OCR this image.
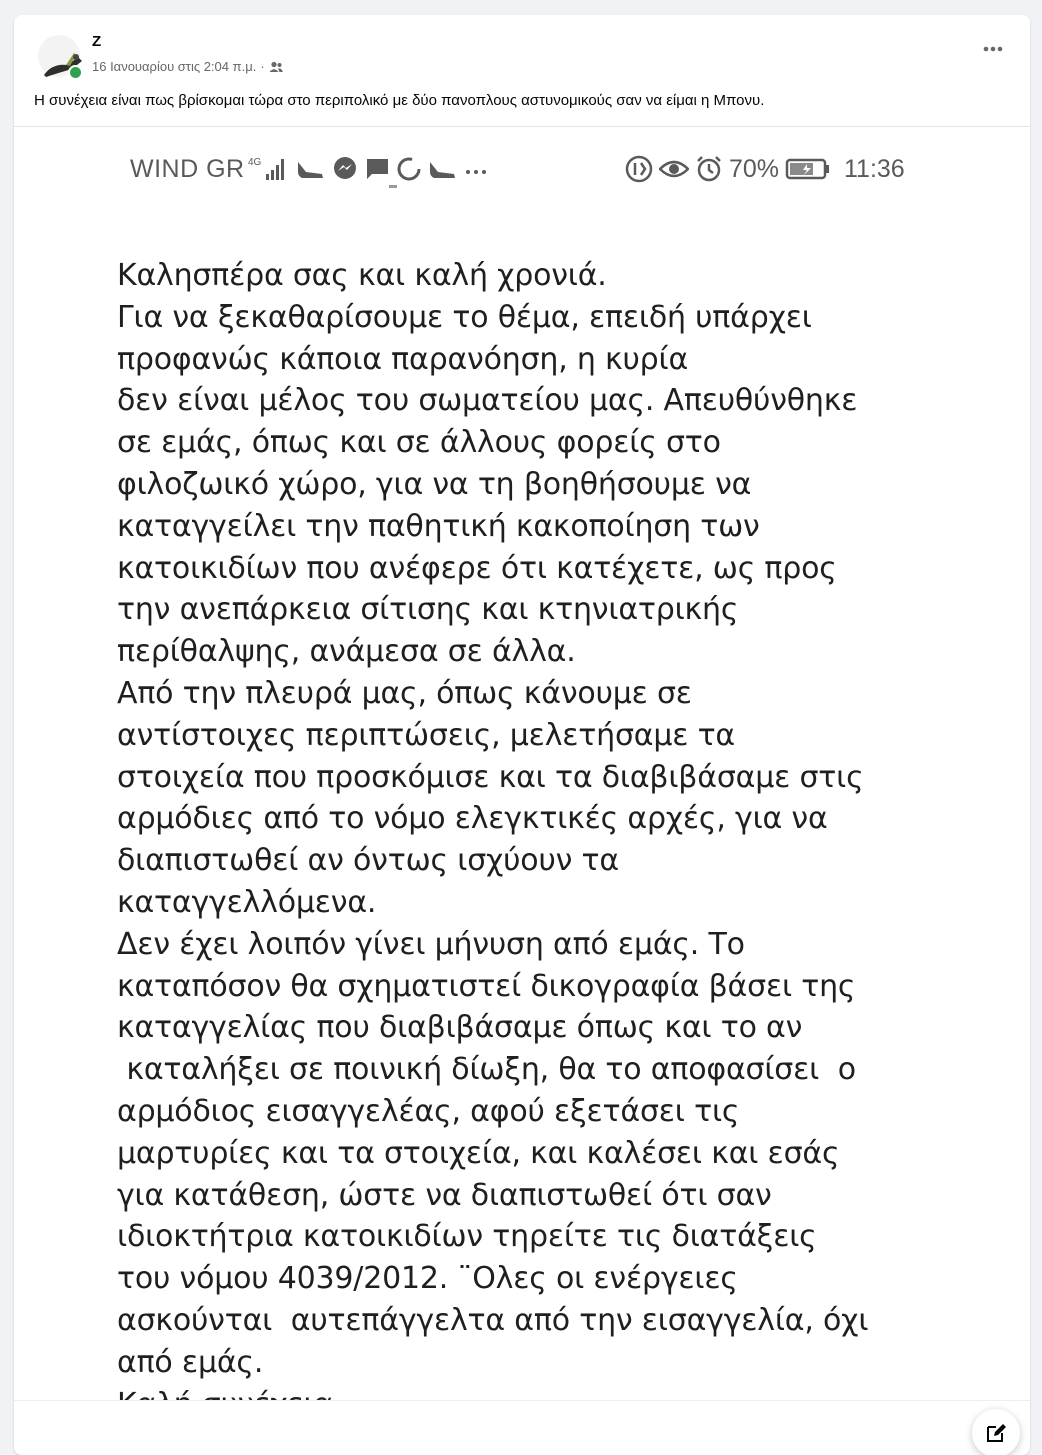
Z
16 Ιανουαρίου στις 2:04 π.μ. ·
Η συνέχεια είναι πως βρίσκομαι τώρα στο περιπολικό με δύο πανοπλους αστυνομικούς σαν να είμαι η Μπονυ.
WIND GR 4G	70%	11:36
Καλησπέρα σας και καλή χρονιά.
Για να ξεκαθαρίσουμε το θέμα, επειδή υπάρχει
προφανώς κάποια παρανόηση, η κυρία
δεν είναι μέλος του σωματείου μας. Απευθύνθηκε
σε εμάς, όπως και σε άλλους φορείς στο
φιλοζωικό χώρο, για να τη βοηθήσουμε να
καταγγείλει την παθητική κακοποίηση των
κατοικιδίων που ανέφερε ότι κατέχετε, ως προς
την ανεπάρκεια σίτισης και κτηνιατρικής
περίθαλψης, ανάμεσα σε άλλα.
Από την πλευρά μας, όπως κάνουμε σε
αντίστοιχες περιπτώσεις, μελετήσαμε τα
στοιχεία που προσκόμισε και τα διαβιβάσαμε στις
αρμόδιες από το νόμο ελεγκτικές αρχές, για να
διαπιστωθεί αν όντως ισχύουν τα
καταγγελλόμενα.
Δεν έχει λοιπόν γίνει μήνυση από εμάς. Το
καταπόσον θα σχηματιστεί δικογραφία βάσει της
καταγγελίας που διαβιβάσαμε όπως και το αν
καταλήξει σε ποινική δίωξη, θα το αποφασίσει  ο
αρμόδιος εισαγγελέας, αφού εξετάσει τις
μαρτυρίες και τα στοιχεία, και καλέσει και εσάς
για κατάθεση, ώστε να διαπιστωθεί ότι σαν
ιδιοκτήτρια κατοικιδίων τηρείτε τις διατάξεις
του νόμου 4039/2012. ¨Ολες οι ενέργειες
ασκούνται  αυτεπάγγελτα από την εισαγγελία, όχι
από εμάς.
